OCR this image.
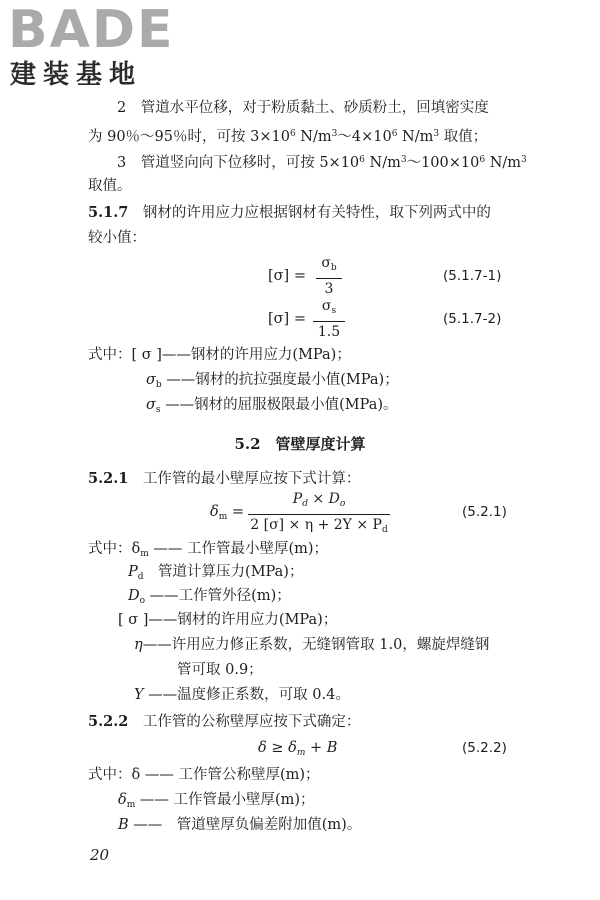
BADE
建装基地
2　管道水平位移，对于粉质黏土、砂质粉土，回填密实度
为 90％～95％时，可按 $3\times 10^6$ $N/m^3\sim 4\times 10^6$ $N/m^3$ 取值；
3　管道竖向向下位移时，可按 $5\times 10^6$ $N/m^3\sim 100\times 10^6$ $N/m^3$
取值。
5.1.7　钢材的许用应力应根据钢材有关特性，取下列两式中的
较小值：
$[\sigma] = \frac{\sigma_b}{3}$	(5.1.7-1)
$[\sigma] = \frac{\sigma_s}{1.5}$	(5.1.7-2)
式中：[ σ ]——钢材的许用应力(MPa)；
$\sigma_b$ ——钢材的抗拉强度最小值(MPa)；
$\sigma_s$ ——钢材的屈服极限最小值(MPa)。
5.2　管壁厚度计算
5.2.1　工作管的最小壁厚应按下式计算：
$\delta_m = \frac{P_d \times D_o}{2 [\sigma] \times \eta + 2Y \times P_d}$	(5.2.1)
式中：$\delta_m$ —— 工作管最小壁厚(m)；
$P_d$　管道计算压力(MPa)；
$D_o$ ——工作管外径(m)；
[ σ ]——钢材的许用应力(MPa)；
η——许用应力修正系数，无缝钢管取 1.0，螺旋焊缝钢
管可取 0.9；
Y ——温度修正系数，可取 0.4。
5.2.2　工作管的公称壁厚应按下式确定：
$\delta \ge \delta_m + B$	(5.2.2)
式中：δ —— 工作管公称壁厚(m)；
$\delta_m$ —— 工作管最小壁厚(m)；
B ——　管道壁厚负偏差附加值(m)。
20
